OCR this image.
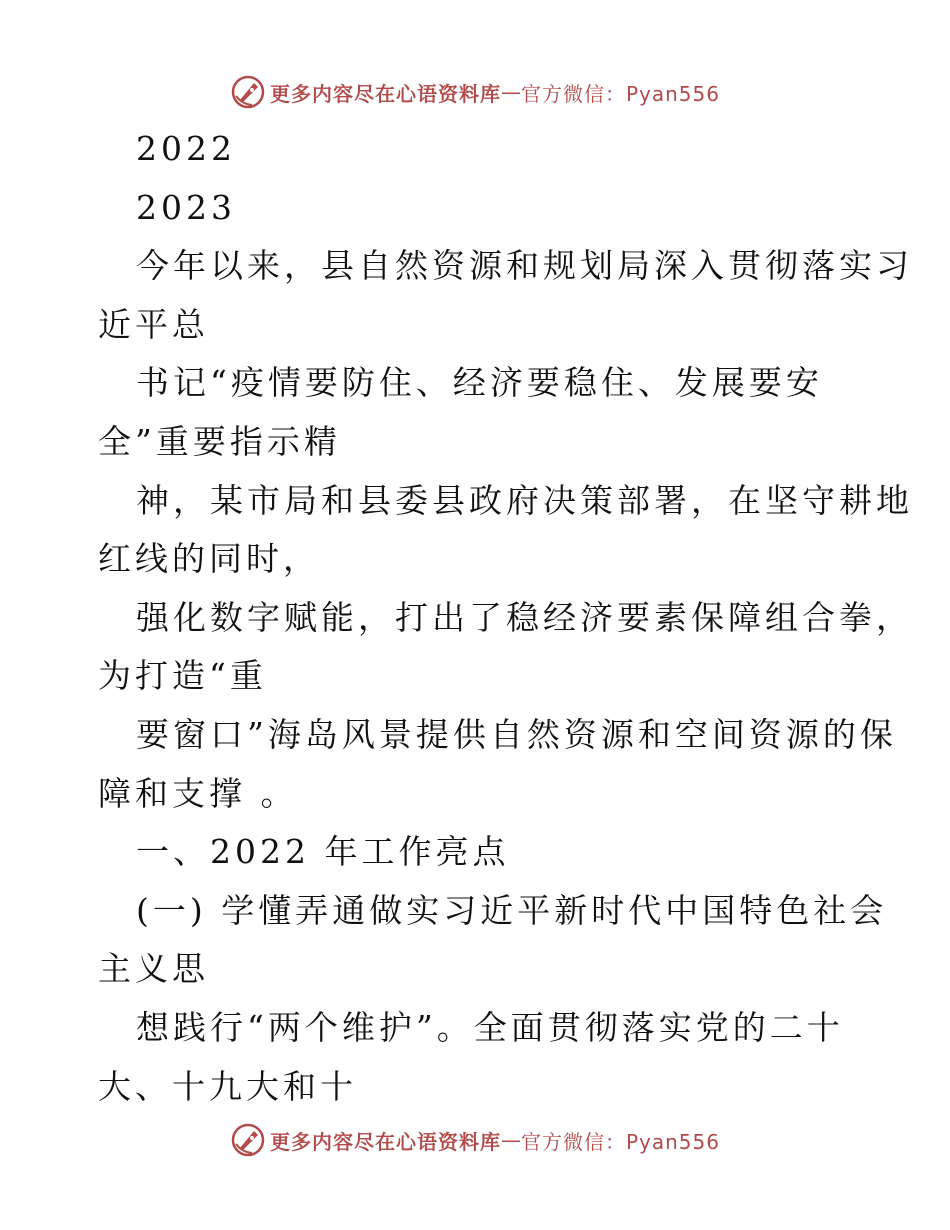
更多内容尽在心语资料库 — 官方微信：Pyan556
2022
2023
今年以来，县自然资源和规划局深入贯彻落实习
近平总
书记“疫情要防住、经济要稳住、发展要安
全”重要指示精
神，某市局和县委县政府决策部署，在坚守耕地
红线的同时，
强化数字赋能，打出了稳经济要素保障组合拳，
为打造“重
要窗口”海岛风景提供自然资源和空间资源的保
障和支撑 。
一、2022 年工作亮点
(一) 学懂弄通做实习近平新时代中国特色社会
主义思
想践行“两个维护”。全面贯彻落实党的二十
大、十九大和十
更多内容尽在心语资料库 — 官方微信：Pyan556
